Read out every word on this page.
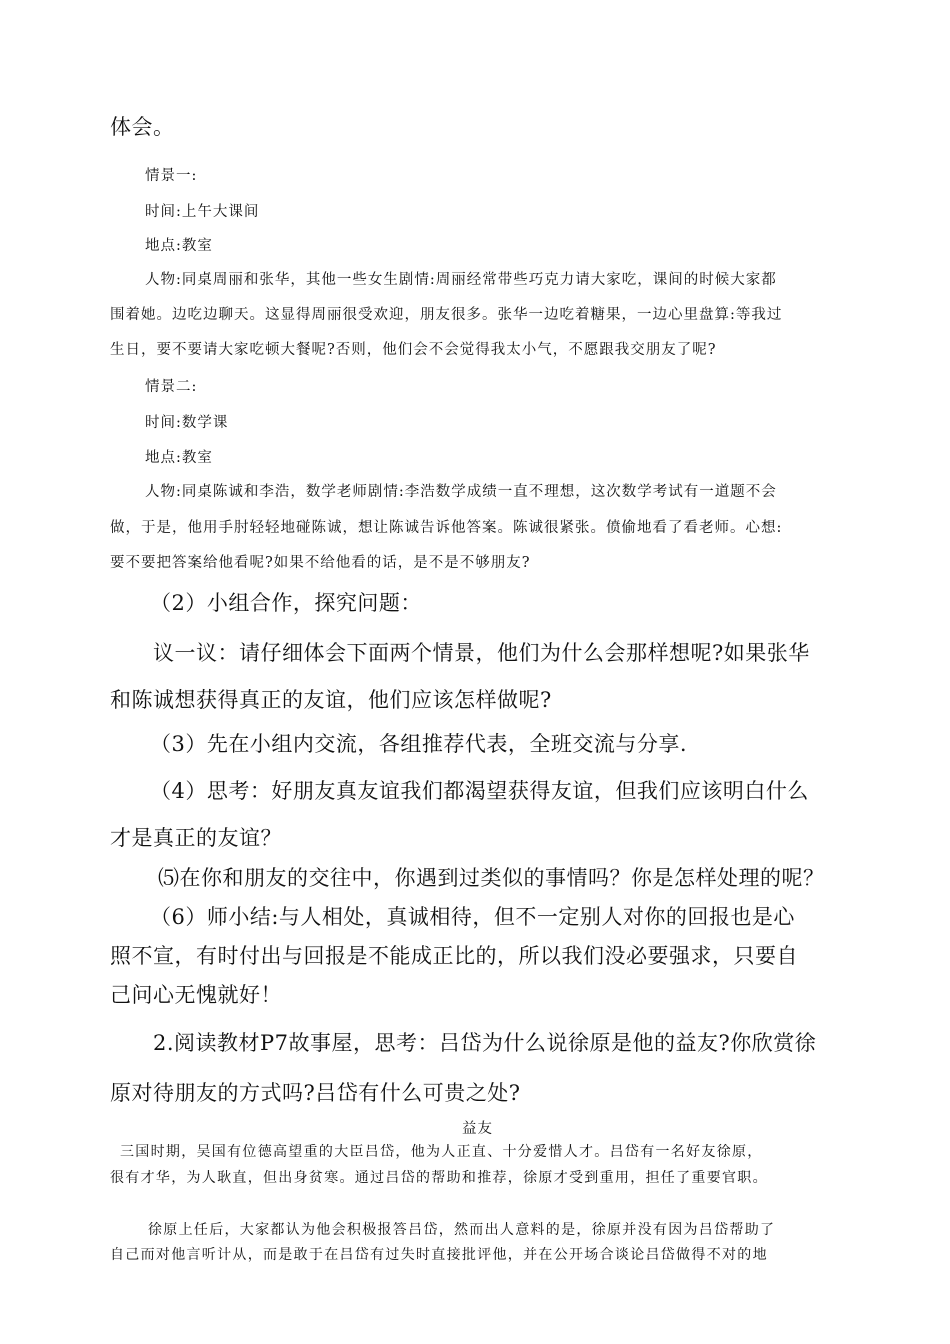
体会。
情景一:
时间:上午大课间
地点:教室
人物:同桌周丽和张华，其他一些女生剧情:周丽经常带些巧克力请大家吃，课间的时候大家都
围着她。边吃边聊天。这显得周丽很受欢迎，朋友很多。张华一边吃着糖果，一边心里盘算:等我过
生日，要不要请大家吃顿大餐呢?否则，他们会不会觉得我太小气，不愿跟我交朋友了呢?
情景二:
时间:数学课
地点:教室
人物:同桌陈诚和李浩，数学老师剧情:李浩数学成绩一直不理想，这次数学考试有一道题不会
做，于是，他用手肘轻轻地碰陈诚，想让陈诚告诉他答案。陈诚很紧张。偾偷地看了看老师。心想:
要不要把答案给他看呢?如果不给他看的话，是不是不够朋友?
（2）小组合作，探究问题：
议一议：请仔细体会下面两个情景，他们为什么会那样想呢?如果张华
和陈诚想获得真正的友谊，他们应该怎样做呢?
（3）先在小组内交流，各组推荐代表，全班交流与分享.
（4）思考：好朋友真友谊我们都渴望获得友谊，但我们应该明白什么
才是真正的友谊？
⑸在你和朋友的交往中，你遇到过类似的事情吗？你是怎样处理的呢？
（6）师小结:与人相处，真诚相待，但不一定别人对你的回报也是心
照不宣，有时付出与回报是不能成正比的，所以我们没必要强求，只要自
己问心无愧就好！
2.阅读教材P7故事屋，思考：吕岱为什么说徐原是他的益友?你欣赏徐
原对待朋友的方式吗?吕岱有什么可贵之处?
益友
三国时期，吴国有位德高望重的大臣吕岱，他为人正直、十分爱惜人才。吕岱有一名好友徐原，
很有才华，为人耿直，但出身贫寒。通过吕岱的帮助和推荐，徐原才受到重用，担任了重要官职。
徐原上任后，大家都认为他会积极报答吕岱，然而出人意料的是，徐原并没有因为吕岱帮助了
自己而对他言听计从，而是敢于在吕岱有过失时直接批评他，并在公开场合谈论吕岱做得不对的地
